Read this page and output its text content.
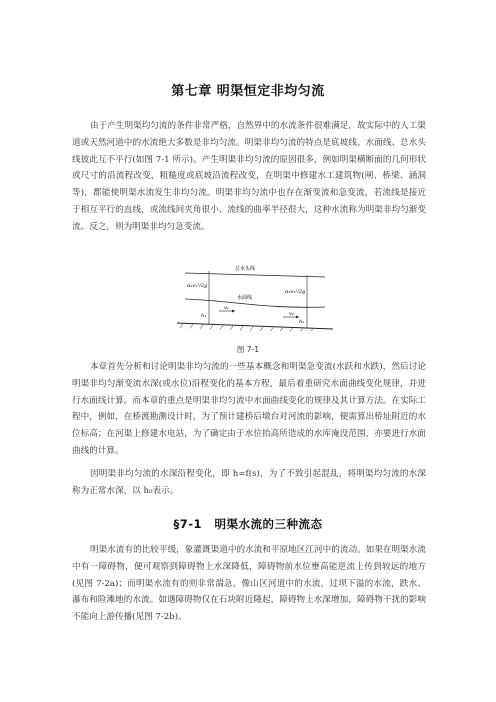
第七章 明渠恒定非均匀流

由于产生明渠均匀流的条件非常严格，自然界中的水流条件很难满足，故实际中的人工渠道或天然河道中的水流绝大多数是非均匀流。明渠非均匀流的特点是底坡线、水面线、总水头线彼此互不平行(如图 7-1 所示)。产生明渠非均匀流的原因很多，例如明渠横断面的几何形状或尺寸的沿流程改变，粗糙度或底坡沿流程改变，在明渠中修建水工建筑物(闸、桥梁、涵洞等)，都能使明渠水流发生非均匀流。明渠非均匀流中也存在渐变流和急变流，若流线是接近于相互平行的直线，或流线间夹角很小、流线的曲率半径很大，这种水流称为明渠非均匀渐变流。反之，则为明渠非均匀急变流。

总水头线
水面线
α₁v₁²/2g
α₂v₂²/2g
v₁
v₂
h₁
h₂
图 7-1

本章首先分析和讨论明渠非均匀流的一些基本概念和明渠急变流(水跃和水跌)，然后讨论明渠非均匀渐变流水深(或水位)沿程变化的基本方程，最后着重研究水面曲线变化规律，并进行水面线计算。而本章的重点是明渠非均匀流中水面曲线变化的规律及其计算方法。在实际工程中，例如，在桥渡勘测设计时，为了预计建桥后墩台对河流的影响，便需算出桥址附近的水位标高；在河渠上修建水电站，为了确定由于水位抬高所造成的水库淹没范围，亦要进行水面曲线的计算。

因明渠非均匀流的水深沿程变化，即 h=f(s)，为了不致引起混乱，将明渠均匀流的水深称为正常水深，以 h₀表示。

§7-1 明渠水流的三种流态

明渠水流有的比较平缓，象灌溉渠道中的水流和平原地区江河中的流动。如果在明渠水流中有一障碍物，便可观察到障碍物上水深降低，障碍物前水位壅高能逆流上传到较远的地方(见图 7-2a)；而明渠水流有的则非常湍急，像山区河道中的水流，过坝下溢的水流，跌水、瀑布和险滩地的水流。如遇障碍物仅在石块附近隆起，障碍物上水深增加，障碍物干扰的影响不能向上游传播(见图 7-2b)。
